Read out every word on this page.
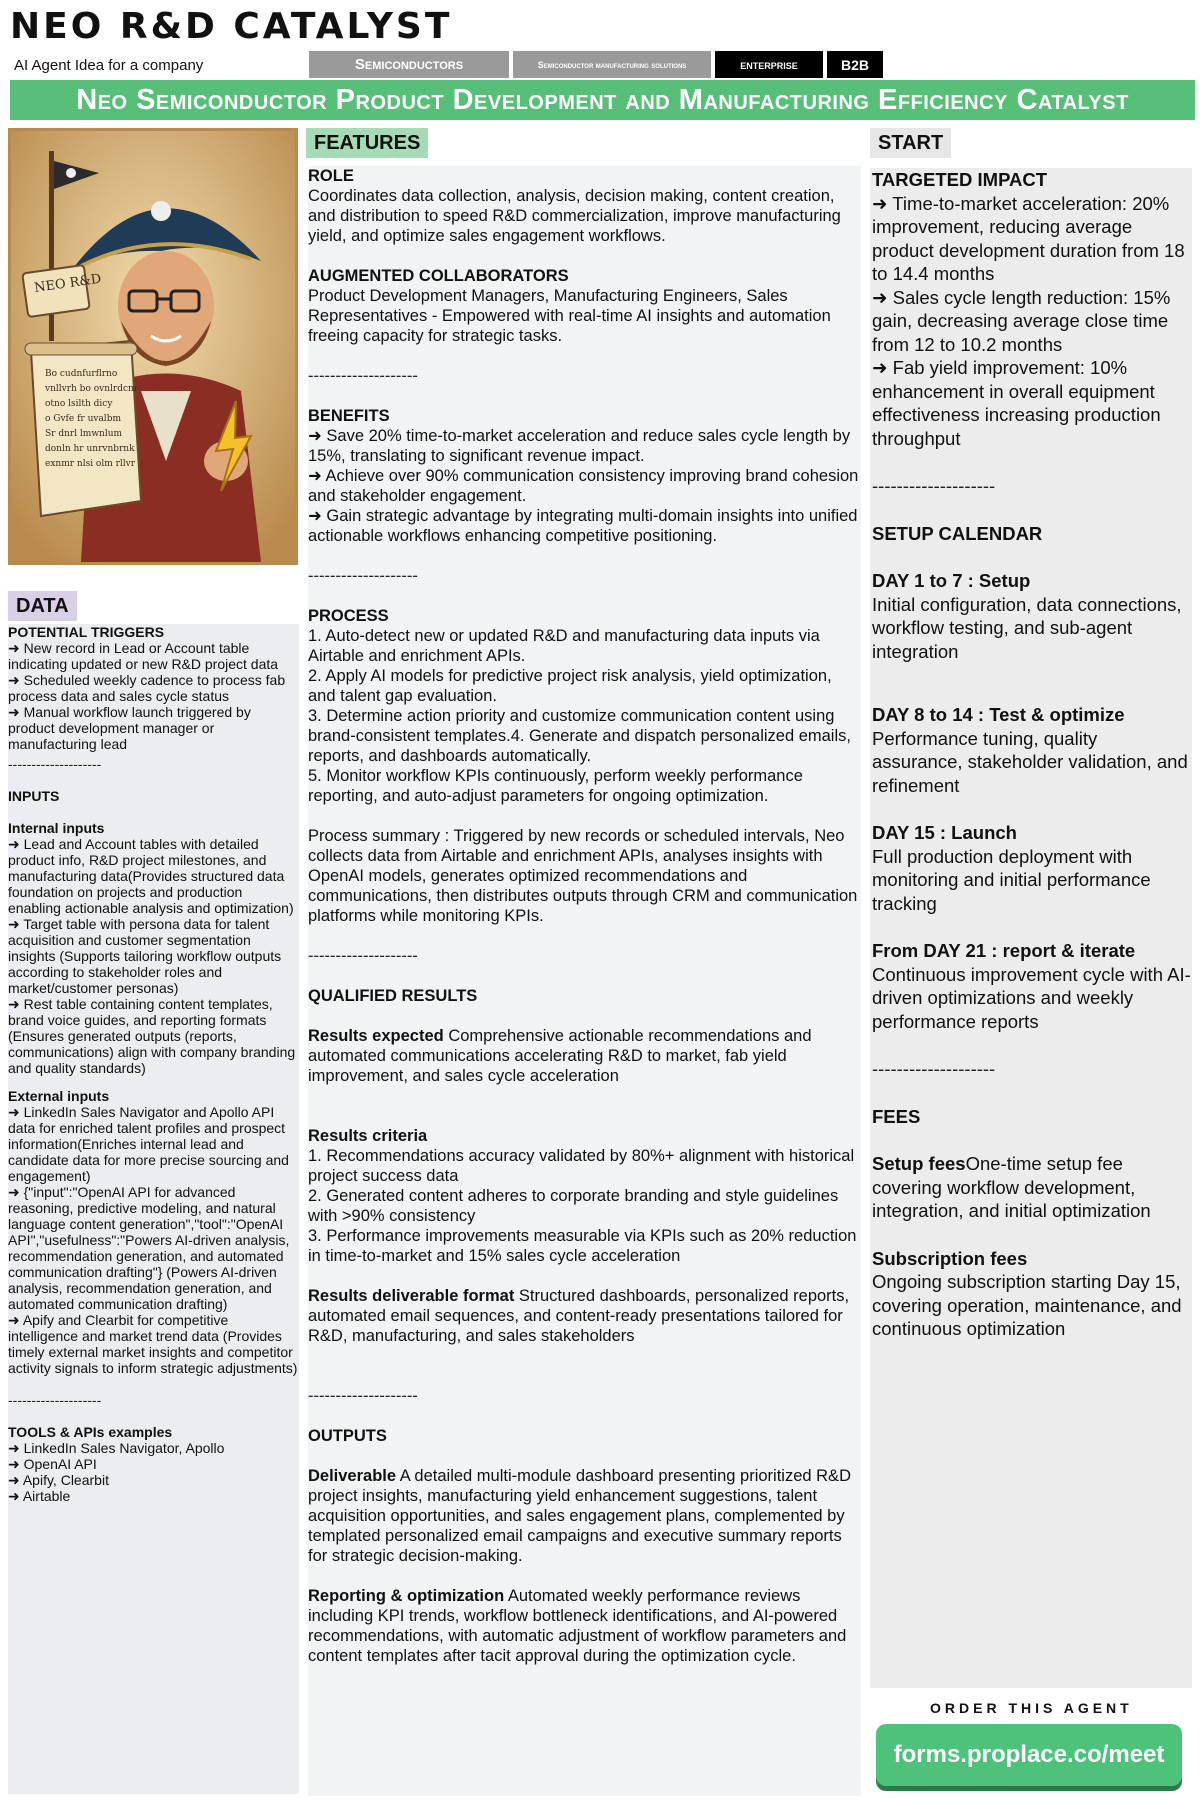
NEO R&D CATALYST
AI Agent Idea for a company	Semiconductors	Semiconductor manufacturing solutions	enterprise	B2B
Neo Semiconductor Product Development and Manufacturing Efficiency Catalyst
NEO R&D
Bo cudnfurflrno
vnllvrh bo ovnlrdcm
otno lsilth dicy
o Gvfe fr uvalbm
Sr dnrl lmwnlum
donln hr unrvnbrnk
exnmr nlsi olm rllvr
DATA
POTENTIAL TRIGGERS
➜ New record in Lead or Account table indicating updated or new R&D project data
➜ Scheduled weekly cadence to process fab process data and sales cycle status
➜ Manual workflow launch triggered by product development manager or manufacturing lead
--------------------
INPUTS
Internal inputs
➜ Lead and Account tables with detailed product info, R&D project milestones, and manufacturing data(Provides structured data foundation on projects and production enabling actionable analysis and optimization)
➜ Target table with persona data for talent acquisition and customer segmentation insights (Supports tailoring workflow outputs according to stakeholder roles and market/customer personas)
➜ Rest table containing content templates, brand voice guides, and reporting formats (Ensures generated outputs (reports, communications) align with company branding and quality standards)
External inputs
➜ LinkedIn Sales Navigator and Apollo API data for enriched talent profiles and prospect information(Enriches internal lead and candidate data for more precise sourcing and engagement)
➜ {"input":"OpenAI API for advanced reasoning, predictive modeling, and natural language content generation","tool":"OpenAI API","usefulness":"Powers AI-driven analysis, recommendation generation, and automated communication drafting"} (Powers AI-driven analysis, recommendation generation, and automated communication drafting)
➜ Apify and Clearbit for competitive intelligence and market trend data (Provides timely external market insights and competitor activity signals to inform strategic adjustments)
--------------------
TOOLS & APIs examples
➜ LinkedIn Sales Navigator, Apollo
➜ OpenAI API
➜ Apify, Clearbit
➜ Airtable
FEATURES
ROLE
Coordinates data collection, analysis, decision making, content creation, and distribution to speed R&D commercialization, improve manufacturing yield, and optimize sales engagement workflows.
AUGMENTED COLLABORATORS
Product Development Managers, Manufacturing Engineers, Sales Representatives - Empowered with real-time AI insights and automation freeing capacity for strategic tasks.
--------------------
BENEFITS
➜ Save 20% time-to-market acceleration and reduce sales cycle length by 15%, translating to significant revenue impact.
➜ Achieve over 90% communication consistency improving brand cohesion and stakeholder engagement.
➜ Gain strategic advantage by integrating multi-domain insights into unified actionable workflows enhancing competitive positioning.
--------------------
PROCESS
1. Auto-detect new or updated R&D and manufacturing data inputs via Airtable and enrichment APIs.
2. Apply AI models for predictive project risk analysis, yield optimization, and talent gap evaluation.
3. Determine action priority and customize communication content using brand-consistent templates.4. Generate and dispatch personalized emails, reports, and dashboards automatically.
5. Monitor workflow KPIs continuously, perform weekly performance reporting, and auto-adjust parameters for ongoing optimization.
Process summary : Triggered by new records or scheduled intervals, Neo collects data from Airtable and enrichment APIs, analyses insights with OpenAI models, generates optimized recommendations and communications, then distributes outputs through CRM and communication platforms while monitoring KPIs.
--------------------
QUALIFIED RESULTS
Results expected Comprehensive actionable recommendations and automated communications accelerating R&D to market, fab yield improvement, and sales cycle acceleration
Results criteria
1. Recommendations accuracy validated by 80%+ alignment with historical project success data
2. Generated content adheres to corporate branding and style guidelines with >90% consistency
3. Performance improvements measurable via KPIs such as 20% reduction in time-to-market and 15% sales cycle acceleration
Results deliverable format Structured dashboards, personalized reports, automated email sequences, and content-ready presentations tailored for R&D, manufacturing, and sales stakeholders
--------------------
OUTPUTS
Deliverable A detailed multi-module dashboard presenting prioritized R&D project insights, manufacturing yield enhancement suggestions, talent acquisition opportunities, and sales engagement plans, complemented by templated personalized email campaigns and executive summary reports for strategic decision-making.
Reporting & optimization Automated weekly performance reviews including KPI trends, workflow bottleneck identifications, and AI-powered recommendations, with automatic adjustment of workflow parameters and content templates after tacit approval during the optimization cycle.
START
TARGETED IMPACT
➜ Time-to-market acceleration: 20% improvement, reducing average product development duration from 18 to 14.4 months
➜ Sales cycle length reduction: 15% gain, decreasing average close time from 12 to 10.2 months
➜ Fab yield improvement: 10% enhancement in overall equipment effectiveness increasing production throughput
--------------------
SETUP CALENDAR
DAY 1 to 7 : Setup
Initial configuration, data connections, workflow testing, and sub-agent integration
DAY 8 to 14 : Test & optimize
Performance tuning, quality assurance, stakeholder validation, and refinement
DAY 15 : Launch
Full production deployment with monitoring and initial performance tracking
From DAY 21 : report & iterate
Continuous improvement cycle with AI-driven optimizations and weekly performance reports
--------------------
FEES
Setup feesOne-time setup fee covering workflow development, integration, and initial optimization
Subscription fees
Ongoing subscription starting Day 15, covering operation, maintenance, and continuous optimization
ORDER THIS AGENT
forms.proplace.co/meet
